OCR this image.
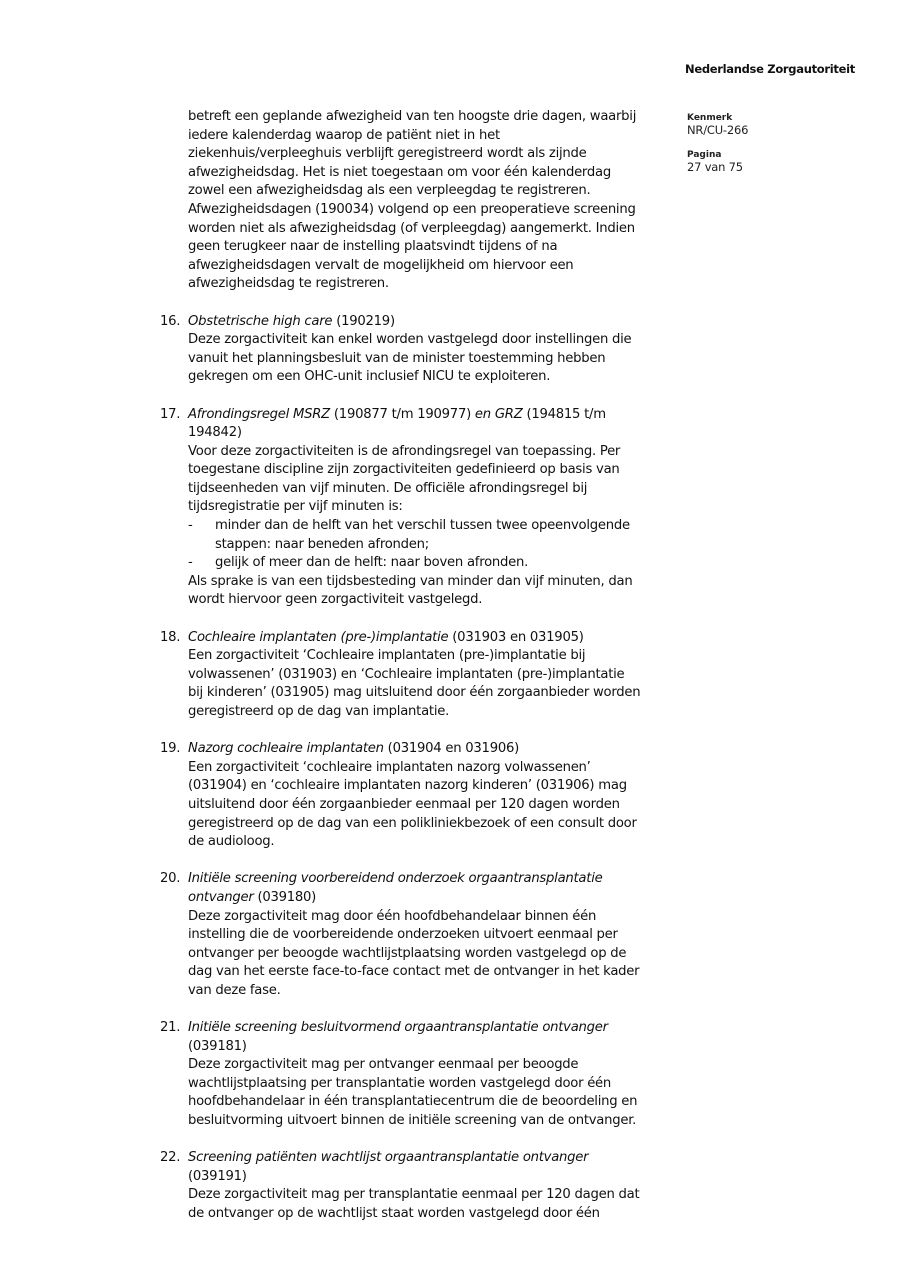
Nederlandse Zorgautoriteit
Kenmerk
NR/CU-266
Pagina
27 van 75
betreft een geplande afwezigheid van ten hoogste drie dagen, waarbij
iedere kalenderdag waarop de patiënt niet in het
ziekenhuis/verpleeghuis verblijft geregistreerd wordt als zijnde
afwezigheidsdag. Het is niet toegestaan om voor één kalenderdag
zowel een afwezigheidsdag als een verpleegdag te registreren.
Afwezigheidsdagen (190034) volgend op een preoperatieve screening
worden niet als afwezigheidsdag (of verpleegdag) aangemerkt. Indien
geen terugkeer naar de instelling plaatsvindt tijdens of na
afwezigheidsdagen vervalt de mogelijkheid om hiervoor een
afwezigheidsdag te registreren.
16. Obstetrische high care (190219)
Deze zorgactiviteit kan enkel worden vastgelegd door instellingen die
vanuit het planningsbesluit van de minister toestemming hebben
gekregen om een OHC-unit inclusief NICU te exploiteren.
17. Afrondingsregel MSRZ (190877 t/m 190977) en GRZ (194815 t/m
194842)
Voor deze zorgactiviteiten is de afrondingsregel van toepassing. Per
toegestane discipline zijn zorgactiviteiten gedefinieerd op basis van
tijdseenheden van vijf minuten. De officiële afrondingsregel bij
tijdsregistratie per vijf minuten is:
- minder dan de helft van het verschil tussen twee opeenvolgende
stappen: naar beneden afronden;
- gelijk of meer dan de helft: naar boven afronden.
Als sprake is van een tijdsbesteding van minder dan vijf minuten, dan
wordt hiervoor geen zorgactiviteit vastgelegd.
18. Cochleaire implantaten (pre-)implantatie (031903 en 031905)
Een zorgactiviteit ‘Cochleaire implantaten (pre-)implantatie bij
volwassenen’ (031903) en ‘Cochleaire implantaten (pre-)implantatie
bij kinderen’ (031905) mag uitsluitend door één zorgaanbieder worden
geregistreerd op de dag van implantatie.
19. Nazorg cochleaire implantaten (031904 en 031906)
Een zorgactiviteit ‘cochleaire implantaten nazorg volwassenen’
(031904) en ‘cochleaire implantaten nazorg kinderen’ (031906) mag
uitsluitend door één zorgaanbieder eenmaal per 120 dagen worden
geregistreerd op de dag van een polikliniekbezoek of een consult door
de audioloog.
20. Initiële screening voorbereidend onderzoek orgaantransplantatie
ontvanger (039180)
Deze zorgactiviteit mag door één hoofdbehandelaar binnen één
instelling die de voorbereidende onderzoeken uitvoert eenmaal per
ontvanger per beoogde wachtlijstplaatsing worden vastgelegd op de
dag van het eerste face-to-face contact met de ontvanger in het kader
van deze fase.
21. Initiële screening besluitvormend orgaantransplantatie ontvanger
(039181)
Deze zorgactiviteit mag per ontvanger eenmaal per beoogde
wachtlijstplaatsing per transplantatie worden vastgelegd door één
hoofdbehandelaar in één transplantatiecentrum die de beoordeling en
besluitvorming uitvoert binnen de initiële screening van de ontvanger.
22. Screening patiënten wachtlijst orgaantransplantatie ontvanger
(039191)
Deze zorgactiviteit mag per transplantatie eenmaal per 120 dagen dat
de ontvanger op de wachtlijst staat worden vastgelegd door één
